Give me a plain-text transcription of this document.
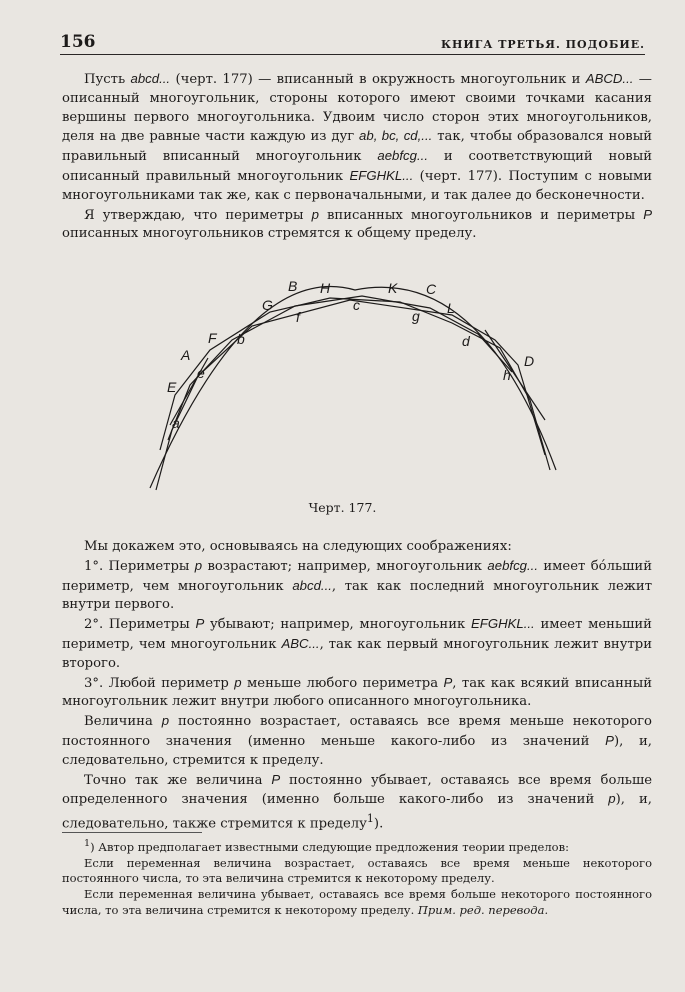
156	КНИГА ТРЕТЬЯ. ПОДОБИЕ.

Пусть abcd... (черт. 177) — вписанный в окружность многоугольник и ABCD... — описанный многоугольник, стороны которого имеют своими точками касания вершины первого многоугольника. Удвоим число сторон этих многоугольников, деля на две равные части каждую из дуг ab, bc, cd,... так, чтобы образовался новый правильный вписанный многоугольник aebfcg... и соответствующий новый описанный правильный многоугольник EFGHKL... (черт. 177). Поступим с новыми многоугольниками так же, как с первоначальными, и так далее до бесконечности.

Я утверждаю, что периметры p вписанных многоугольников и периметры P описанных многоугольников стремятся к общему пределу.

B H	K C
G	c
f	g L
F b	d
A	D
E
e	h
a
Черт. 177.

Мы докажем это, основываясь на следующих соображениях:

1°. Периметры p возрастают; например, многоугольник aebfcg... имеет бóльший периметр, чем многоугольник abcd..., так как последний многоугольник лежит внутри первого.

2°. Периметры P убывают; например, многоугольник EFGHKL... имеет меньший периметр, чем многоугольник ABC..., так как первый многоугольник лежит внутри второго.

3°. Любой периметр p меньше любого периметра P, так как всякий вписанный многоугольник лежит внутри любого описанного многоугольника.

Величина p постоянно возрастает, оставаясь все время меньше некоторого постоянного значения (именно меньше какого-либо из значений P), и, следовательно, стремится к пределу.

Точно так же величина P постоянно убывает, оставаясь все время больше определенного значения (именно больше какого-либо из значений p), и, следовательно, также стремится к пределу$^1$).

$^1$) Автор предполагает известными следующие предложения теории пределов:

Если переменная величина возрастает, оставаясь все время меньше некоторого постоянного числа, то эта величина стремится к некоторому пределу.

Если переменная величина убывает, оставаясь все время больше некоторого постоянного числа, то эта величина стремится к некоторому пределу. Прим. ред. перевода.
